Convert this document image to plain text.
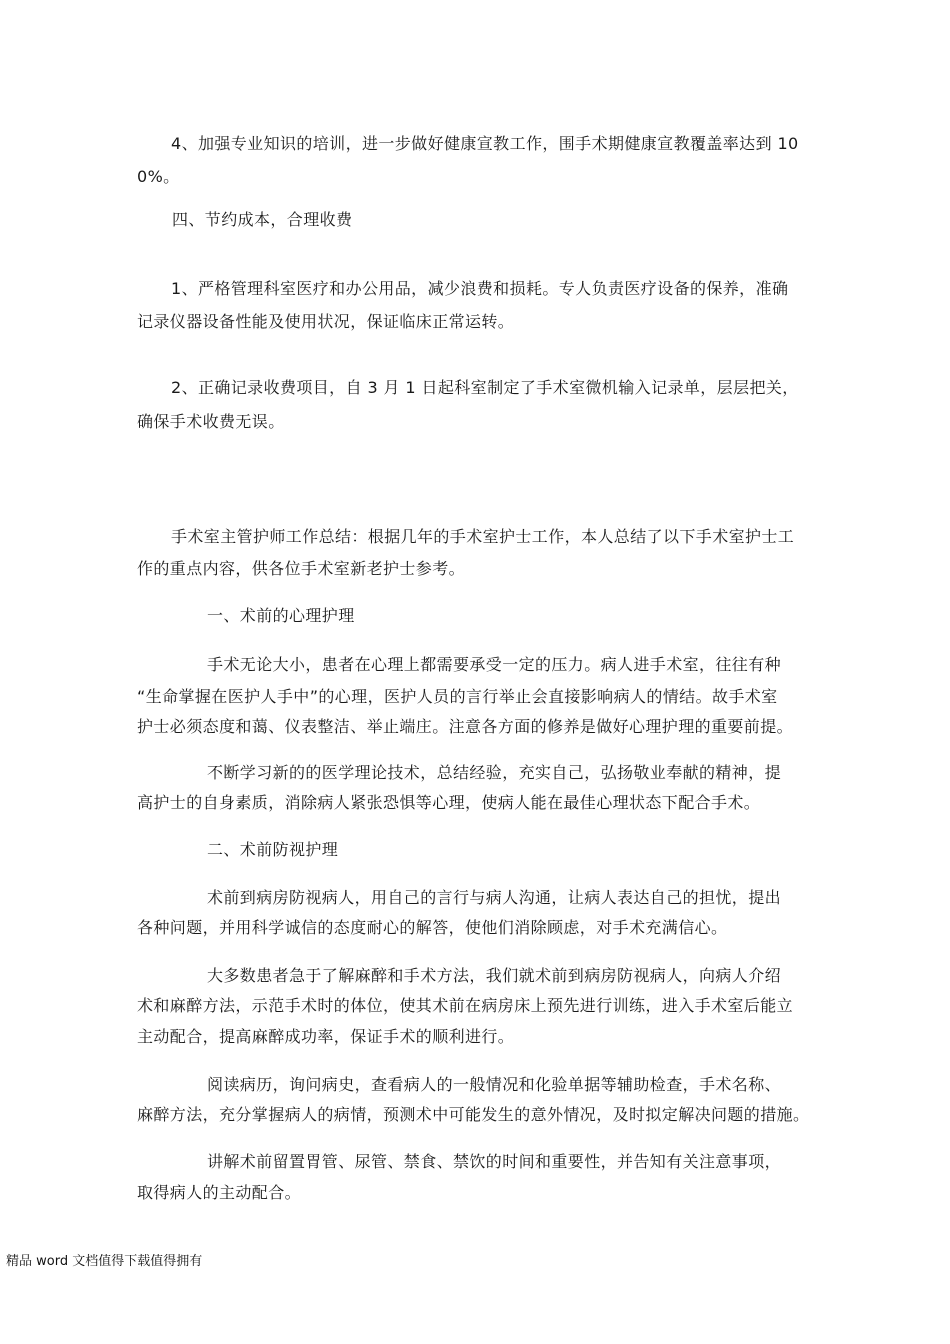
4、加强专业知识的培训，进一步做好健康宣教工作，围手术期健康宣教覆盖率达到 10
0%。
四、节约成本，合理收费
1、严格管理科室医疗和办公用品，减少浪费和损耗。专人负责医疗设备的保养，准确
记录仪器设备性能及使用状况，保证临床正常运转。
2、正确记录收费项目，自 3 月 1 日起科室制定了手术室微机输入记录单，层层把关，
确保手术收费无误。
手术室主管护师工作总结：根据几年的手术室护士工作，本人总结了以下手术室护士工
作的重点内容，供各位手术室新老护士参考。
一、术前的心理护理
手术无论大小，患者在心理上都需要承受一定的压力。病人进手术室，往往有种
“生命掌握在医护人手中”的心理，医护人员的言行举止会直接影响病人的情结。故手术室
护士必须态度和蔼、仪表整洁、举止端庄。注意各方面的修养是做好心理护理的重要前提。
不断学习新的的医学理论技术，总结经验，充实自己，弘扬敬业奉献的精神，提
高护士的自身素质，消除病人紧张恐惧等心理，使病人能在最佳心理状态下配合手术。
二、术前防视护理
术前到病房防视病人，用自己的言行与病人沟通，让病人表达自己的担忧，提出
各种问题，并用科学诚信的态度耐心的解答，使他们消除顾虑，对手术充满信心。
大多数患者急于了解麻醉和手术方法，我们就术前到病房防视病人，向病人介绍
术和麻醉方法，示范手术时的体位，使其术前在病房床上预先进行训练，进入手术室后能立
主动配合，提高麻醉成功率，保证手术的顺利进行。
阅读病历，询问病史，查看病人的一般情况和化验单据等辅助检查，手术名称、
麻醉方法，充分掌握病人的病情，预测术中可能发生的意外情况，及时拟定解决问题的措施。
讲解术前留置胃管、尿管、禁食、禁饮的时间和重要性，并告知有关注意事项，
取得病人的主动配合。
精品 word 文档值得下载值得拥有
